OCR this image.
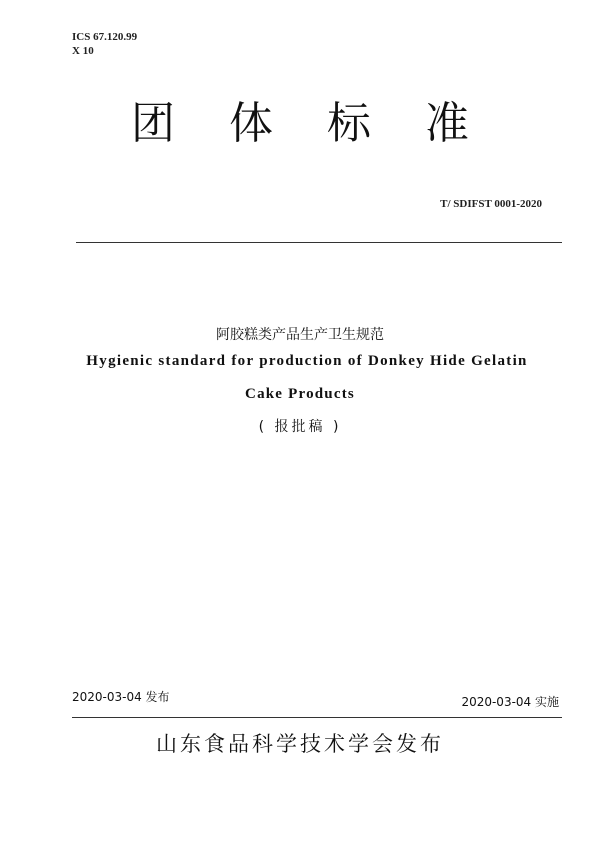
ICS 67.120.99
X 10
团 体 标 准
T/ SDIFST 0001-2020
阿胶糕类产品生产卫生规范
Hygienic standard for production of Donkey Hide Gelatin
Cake Products
( 报批稿 )
2020-03-04 发布	2020-03-04 实施
山东食品科学技术学会发布
